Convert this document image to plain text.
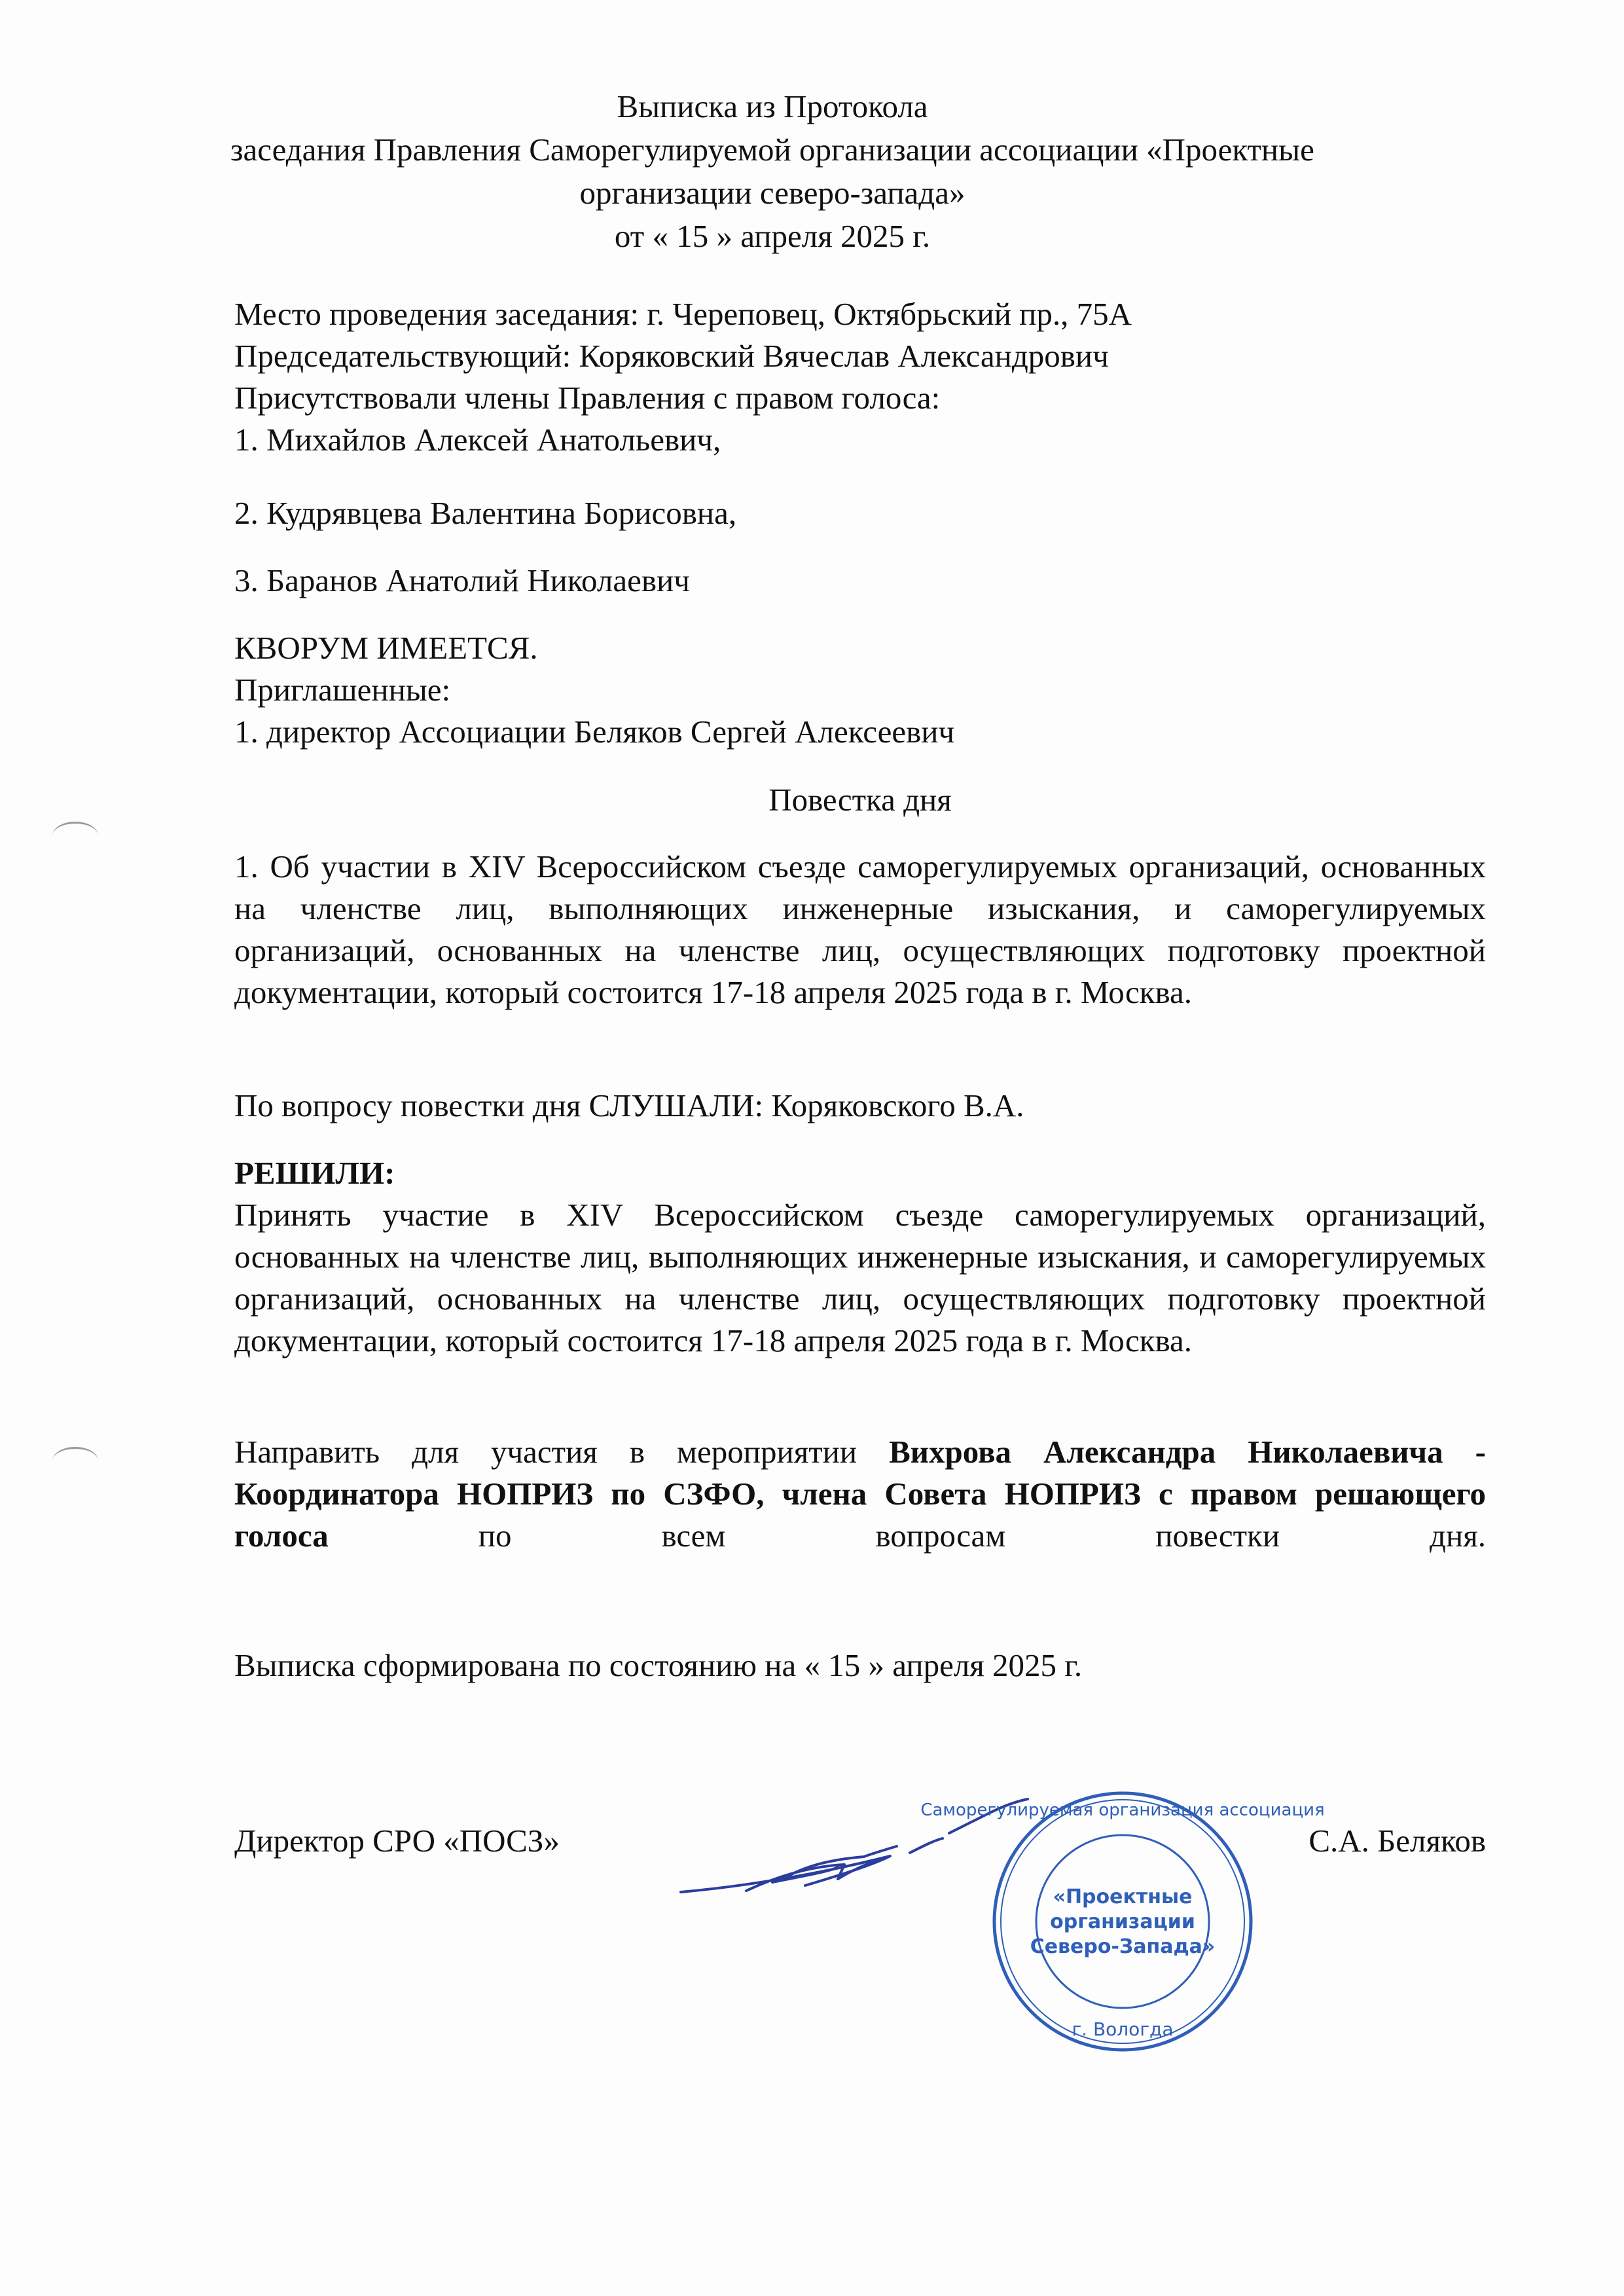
Выписка из Протокола
заседания Правления Саморегулируемой организации ассоциации «Проектные
организации северо-запада»
от « 15 » апреля 2025 г.
Место проведения заседания: г. Череповец, Октябрьский пр., 75А
Председательствующий: Коряковский Вячеслав Александрович
Присутствовали члены Правления с правом голоса:
1. Михайлов Алексей Анатольевич,
2. Кудрявцева Валентина Борисовна,
3. Баранов Анатолий Николаевич
КВОРУМ ИМЕЕТСЯ.
Приглашенные:
1. директор Ассоциации Беляков Сергей Алексеевич
Повестка дня
1. Об участии в XIV Всероссийском съезде саморегулируемых организаций, основанных на членстве лиц, выполняющих инженерные изыскания, и саморегулируемых организаций, основанных на членстве лиц, осуществляющих подготовку проектной документации, который состоится 17-18 апреля 2025 года в г. Москва.
По вопросу повестки дня СЛУШАЛИ: Коряковского В.А.
РЕШИЛИ:
Принять участие в XIV Всероссийском съезде саморегулируемых организаций, основанных на членстве лиц, выполняющих инженерные изыскания, и саморегулируемых организаций, основанных на членстве лиц, осуществляющих подготовку проектной документации, который состоится 17-18 апреля 2025 года в г. Москва.
Направить для участия в мероприятии Вихрова Александра Николаевича - Координатора НОПРИЗ по СЗФО, члена Совета НОПРИЗ с правом решающего голоса	по всем вопросам повестки дня.
Выписка сформирована по состоянию на « 15 » апреля 2025 г.
Директор СРО «ПОСЗ»	С.А. Беляков
Саморегулируемая организация ассоциация
«Проектные
организации
Северо-Запада»
г. Вологда
